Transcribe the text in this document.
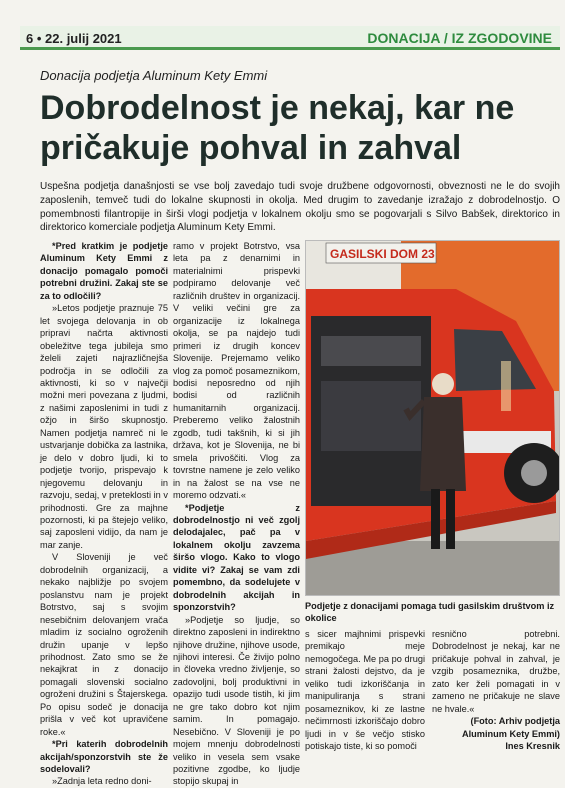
6 • 22. julij 2021	DONACIJA / IZ ZGODOVINE
Donacija podjetja Aluminum Kety Emmi
Dobrodelnost je nekaj, kar ne pričakuje pohval in zahval
Uspešna podjetja današnjosti se vse bolj zavedajo tudi svoje družbene odgovornosti, obveznosti ne le do svojih zaposlenih, temveč tudi do lokalne skupnosti in okolja. Med drugim to zavedanje izražajo z dobrodelnostjo. O pomembnosti filantropije in širši vlogi podjetja v lokalnem okolju smo se pogovarjali s Silvo Babšek, direktorico in direktorico komerciale podjetja Aluminum Kety Emmi.

*Pred kratkim je podjetje Aluminum Kety Emmi z donacijo pomagalo pomoči potrebni družini. Zakaj ste se za to odločili?

»Letos podjetje praznuje 75 let svojega delovanja in ob pripravi načrta aktivnosti obeležitve tega jubileja smo želeli zajeti najrazličnejša področja in se odločili za aktivnosti, ki so v največji možni meri povezana z ljudmi, z našimi zaposlenimi in tudi z ožjo in širšo skupnostjo. Namen podjetja namreč ni le ustvarjanje dobička za lastnika, je delo v dobro ljudi, ki to podjetje tvorijo, prispevajo k njegovemu delovanju in razvoju, sedaj, v preteklosti in v prihodnosti. Gre za majhne pozornosti, ki pa štejejo veliko, saj zaposleni vidijo, da nam je mar zanje.

V Sloveniji je več dobrodelnih organizacij, a nekako najbližje po svojem poslanstvu nam je projekt Botrstvo, saj s svojim nesebičnim delovanjem vrača mladim iz socialno ogroženih družin upanje v lepšo prihodnost. Zato smo se že nekajkrat in z donacijo pomagali slovenski socialno ogroženi družini s Štajerskega. Po opisu sodeč je donacija prišla v več kot upravičene roke.«

*Pri katerih dobrodelnih akcijah/sponzorstvih ste že sodelovali?

»Zadnja leta redno doni-

ramo v projekt Botrstvo, vsa leta pa z denarnimi in materialnimi prispevki podpiramo delovanje več različnih društev in organizacij. V veliki večini gre za organizacije iz lokalnega okolja, se pa najdejo tudi primeri iz drugih koncev Slovenije. Prejemamo veliko vlog za pomoč posameznikom, bodisi neposredno od njih bodisi od različnih humanitarnih organizacij. Preberemo veliko žalostnih zgodb, tudi takšnih, ki si jih država, kot je Slovenija, ne bi smela privoščiti. Vlog za tovrstne namene je zelo veliko in na žalost se na vse ne moremo odzvati.«

*Podjetje z dobrodelnostjo ni več zgolj delodajalec, pač pa v lokalnem okolju zavzema širšo vlogo. Kako to vlogo vidite vi? Zakaj se vam zdi pomembno, da sodelujete v dobrodelnih akcijah in sponzorstvih?

»Podjetje so ljudje, so direktno zaposleni in indirektno njihove družine, njihove usode, njihovi interesi. Če živijo polno in človeka vredno življenje, so zadovoljni, bolj produktivni in opazijo tudi usode tistih, ki jim ne gre tako dobro kot njim samim. In pomagajo. Nesebično. V Sloveniji je po mojem mnenju dobrodelnosti veliko in vesela sem vsake pozitivne zgodbe, ko ljudje stopijo skupaj in

GASILSKI DOM 23
Podjetje z donacijami pomaga tudi gasilskim društvom iz okolice

s sicer majhnimi prispevki premikajo meje nemogočega. Me pa po drugi strani žalosti dejstvo, da je veliko tudi izkoriščanja in manipuliranja s strani posameznikov, ki ze lastne nečimrnosti izkoriščajo dobro ljudi in v še večjo stisko potiskajo tiste, ki so pomoči

resnično potrebni. Dobrodelnost je nekaj, kar ne pričakuje pohval in zahval, je vzgib posameznika, družbe, zato ker želi pomagati in v zameno ne pričakuje ne slave ne hvale.«

(Foto: Arhiv podjetja Aluminum Kety Emmi)

Ines Kresnik
